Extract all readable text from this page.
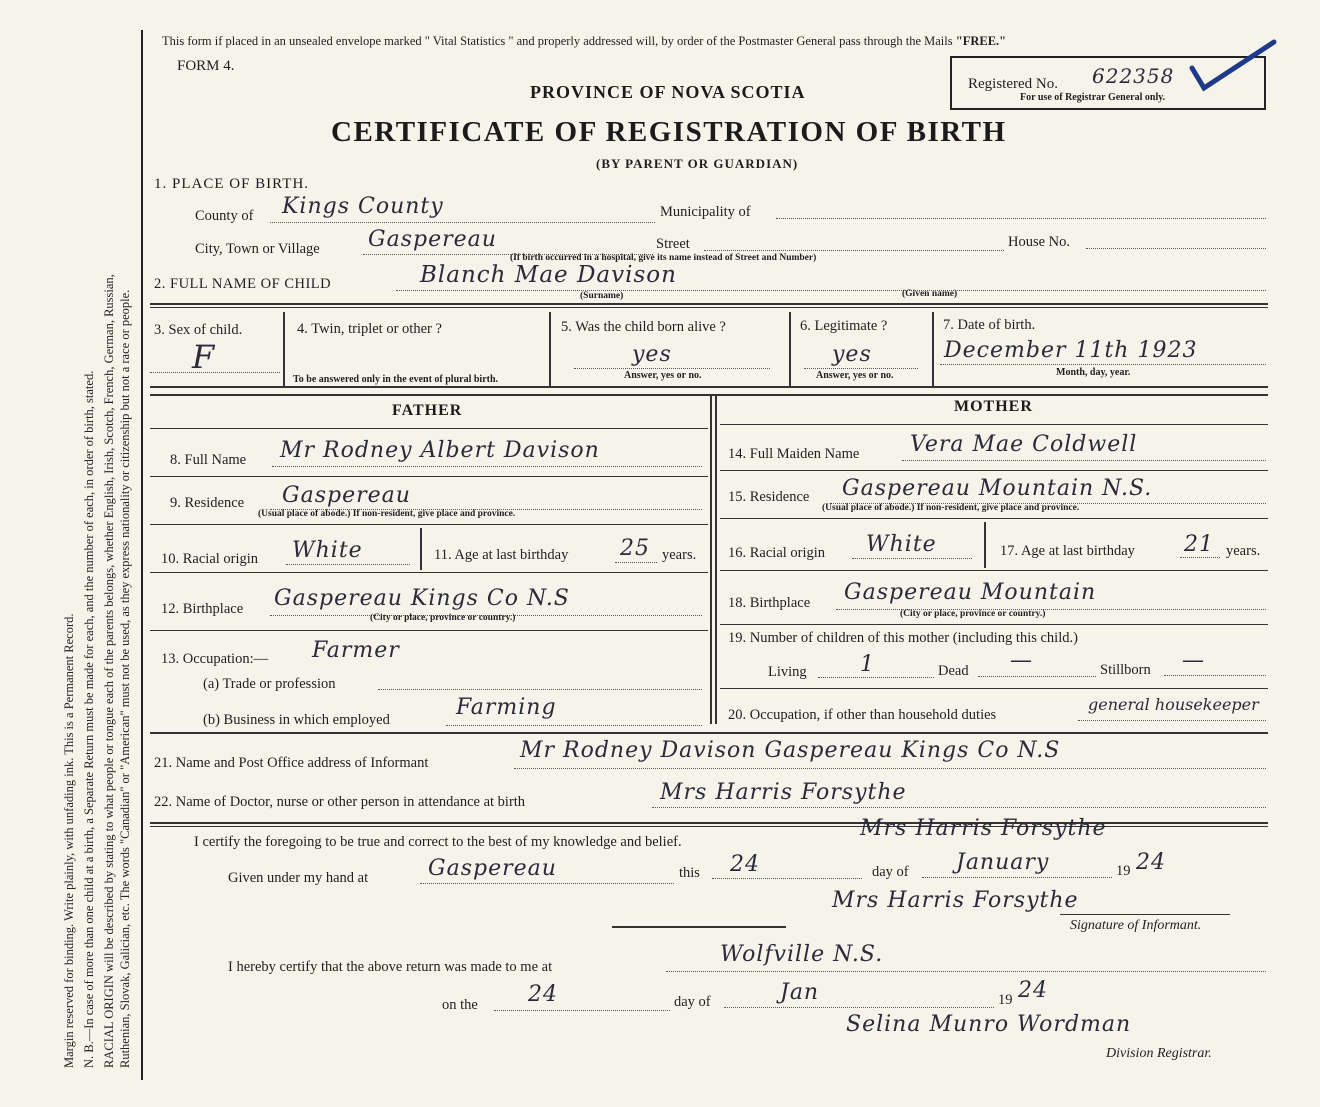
Margin reserved for binding. Write plainly, with unfading ink. This is a Permanent Record. N. B.—In case of more than one child at a birth, a Separate Return must be made for each, and the number of each, in order of birth, stated. RACIAL ORIGIN will be described by stating to what people or tongue each of the parents belongs, whether English, Irish, Scotch, French, German, Russian, Ruthenian, Slovak, Galician, etc. The words "Canadian" or "American" must not be used, as they express nationality or citizenship but not a race or people.
This form if placed in an unsealed envelope marked " Vital Statistics " and properly addressed will, by order of the Postmaster General pass through the Mails "FREE."
FORM 4.
PROVINCE OF NOVA SCOTIA
CERTIFICATE OF REGISTRATION OF BIRTH
(BY PARENT OR GUARDIAN)
Registered No. 622358
For use of Registrar General only.
1. PLACE OF BIRTH.
County of Kings County	Municipality of
City, Town or Village Gaspereau	Street	House No.
(If birth occurred in a hospital, give its name instead of Street and Number)
2. FULL NAME OF CHILD	Blanch Mae Davison
(Surname)	(Given name)
3. Sex of child.
F
4. Twin, triplet or other ?
To be answered only in the event of plural birth.
5. Was the child born alive ?
yes
Answer, yes or no.
6. Legitimate ?
yes
Answer, yes or no.
7. Date of birth.
December 11th 1923
Month, day, year.
FATHER	MOTHER
8. Full Name Mr Rodney Albert Davison
9. Residence Gaspereau
(Usual place of abode.) If non-resident, give place and province.
10. Racial origin White	11. Age at last birthday 25 years.
12. Birthplace Gaspereau Kings Co N.S
(City or place, province or country.)
13. Occupation:— Farmer
(a) Trade or profession
(b) Business in which employed	Farming
14. Full Maiden Name Vera Mae Coldwell
15. Residence Gaspereau Mountain N.S.
(Usual place of abode.) If non-resident, give place and province.
16. Racial origin White	17. Age at last birthday 21 years.
18. Birthplace Gaspereau Mountain
(City or place, province or country.)
19. Number of children of this mother (including this child.)
Living 1	Dead —	Stillborn —
20. Occupation, if other than household duties
general housekeeper
21. Name and Post Office address of Informant	Mr Rodney Davison Gaspereau Kings Co N.S
22. Name of Doctor, nurse or other person in attendance at birth	Mrs Harris Forsythe
I certify the foregoing to be true and correct to the best of my knowledge and belief.
Mrs Harris Forsythe
Given under my hand at	Gaspereau	this 24	day of January	19 24
Mrs Harris Forsythe
Signature of Informant.
I hereby certify that the above return was made to me at	Wolfville N.S.
on the 24	day of	Jan	19 24
Selina Munro Wordman
Division Registrar.
